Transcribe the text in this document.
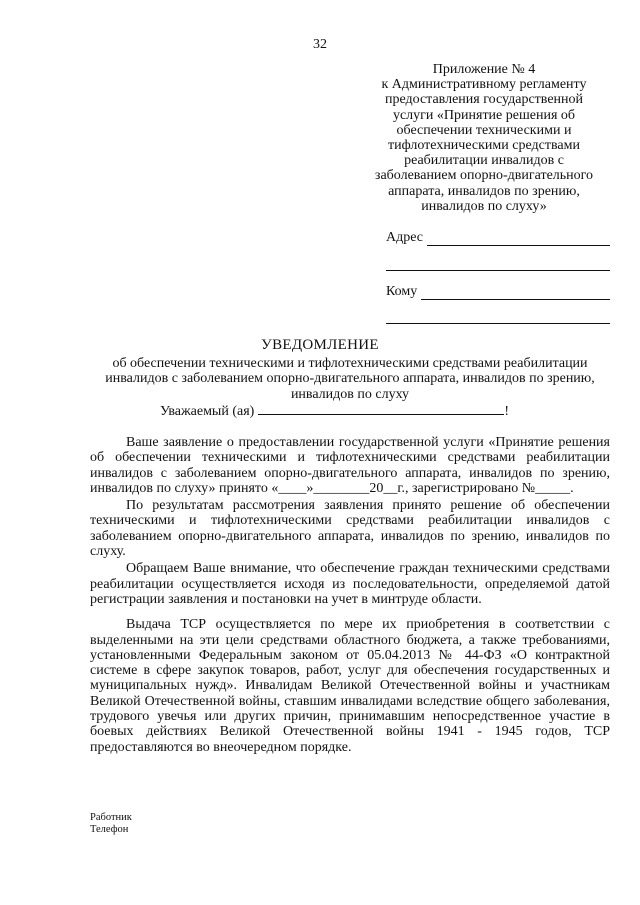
32
Приложение № 4
к Административному регламенту
предоставления государственной
услуги «Принятие решения об
обеспечении техническими и
тифлотехническими средствами
реабилитации инвалидов с
заболеванием опорно-двигательного
аппарата, инвалидов по зрению,
инвалидов по слуху»
Адрес
Кому
УВЕДОМЛЕНИЕ
об обеспечении техническими и тифлотехническими средствами реабилитации инвалидов с заболеванием опорно-двигательного аппарата, инвалидов по зрению, инвалидов по слуху
Уважаемый (ая)	!

Ваше заявление о предоставлении государственной услуги «Принятие решения об обеспечении техническими и тифлотехническими средствами реабилитации инвалидов с заболеванием опорно-двигательного аппарата, инвалидов по зрению, инвалидов по слуху» принято «____»________20__г., зарегистрировано №_____.

По результатам рассмотрения заявления принято решение об обеспечении техническими и тифлотехническими средствами реабилитации инвалидов с заболеванием опорно-двигательного аппарата, инвалидов по зрению, инвалидов по слуху.

Обращаем Ваше внимание, что обеспечение граждан техническими средствами реабилитации осуществляется исходя из последовательности, определяемой датой регистрации заявления и постановки на учет в минтруде области.

Выдача ТСР осуществляется по мере их приобретения в соответствии с выделенными на эти цели средствами областного бюджета, а также требованиями, установленными Федеральным законом от 05.04.2013 № 44-ФЗ «О контрактной системе в сфере закупок товаров, работ, услуг для обеспечения государственных и муниципальных нужд». Инвалидам Великой Отечественной войны и участникам Великой Отечественной войны, ставшим инвалидами вследствие общего заболевания, трудового увечья или других причин, принимавшим непосредственное участие в боевых действиях Великой Отечественной войны 1941 - 1945 годов, ТСР предоставляются во внеочередном порядке.

Работник
Телефон
